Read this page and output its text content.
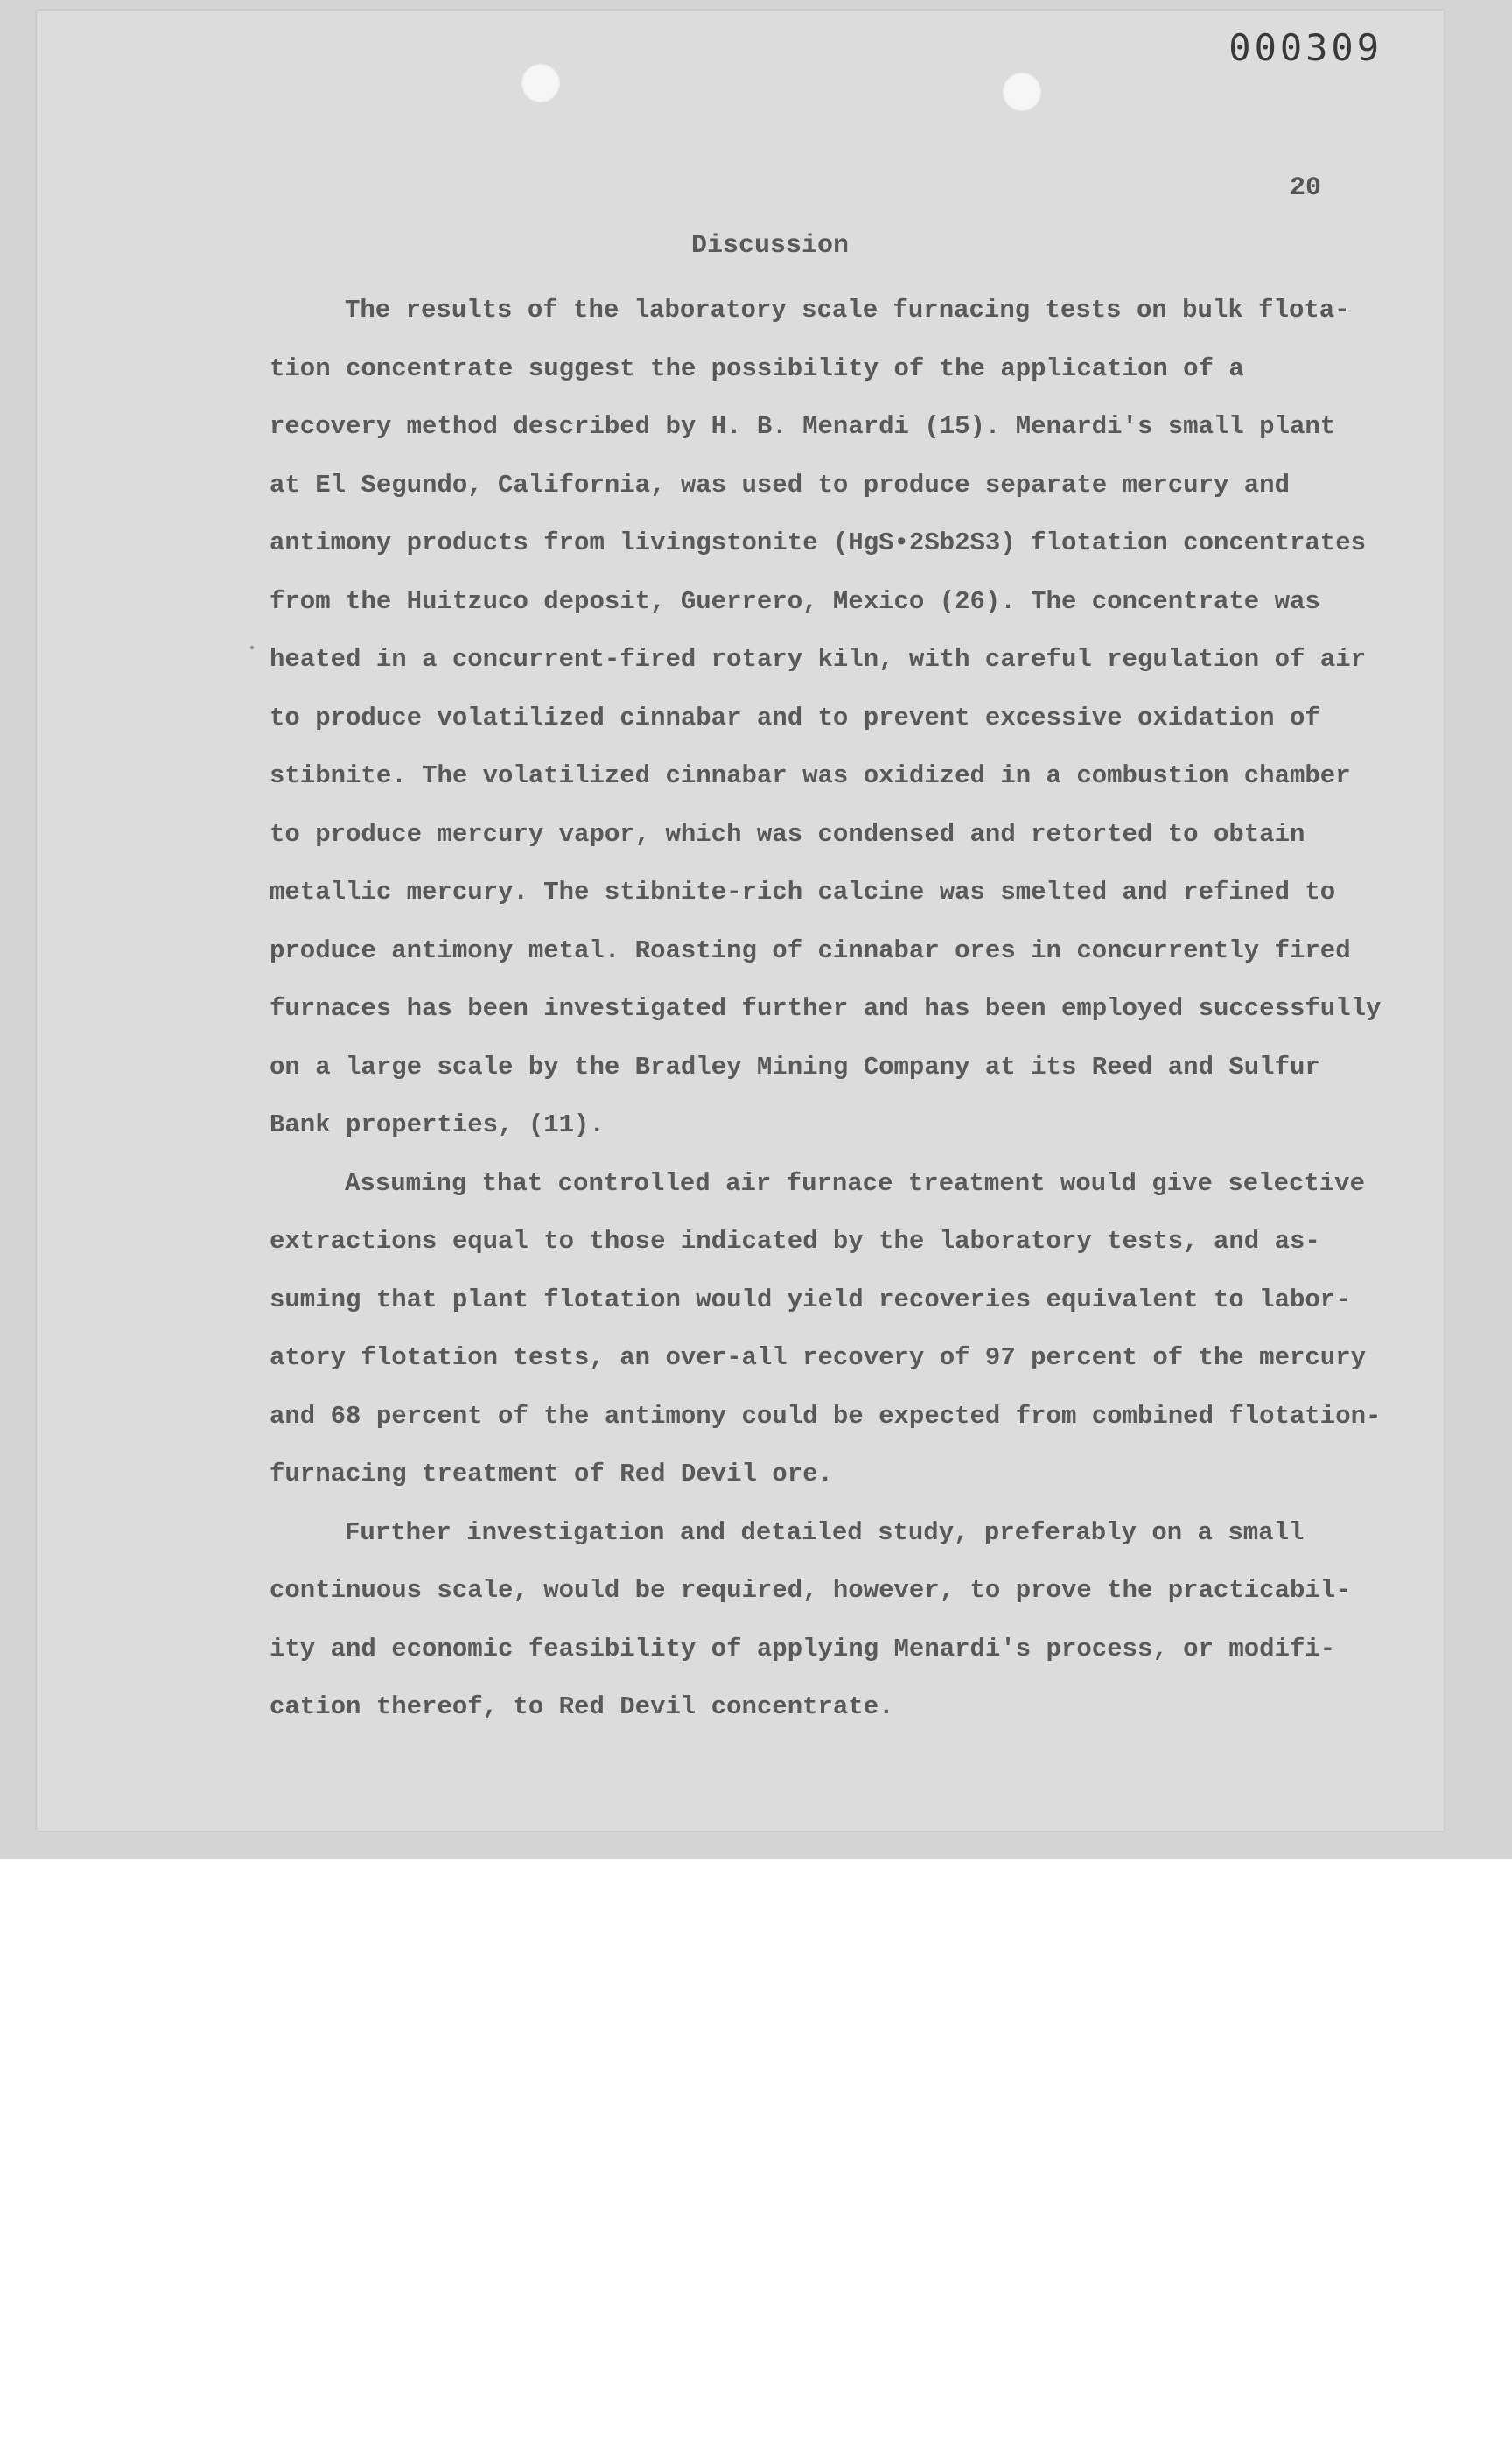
000309
20
Discussion

The results of the laboratory scale furnacing tests on bulk flota-
tion concentrate suggest the possibility of the application of a
recovery method described by H. B. Menardi (15). Menardi's small plant
at El Segundo, California, was used to produce separate mercury and
antimony products from livingstonite (HgS•2Sb2S3) flotation concentrates
from the Huitzuco deposit, Guerrero, Mexico (26). The concentrate was
heated in a concurrent-fired rotary kiln, with careful regulation of air
to produce volatilized cinnabar and to prevent excessive oxidation of
stibnite. The volatilized cinnabar was oxidized in a combustion chamber
to produce mercury vapor, which was condensed and retorted to obtain
metallic mercury. The stibnite-rich calcine was smelted and refined to
produce antimony metal. Roasting of cinnabar ores in concurrently fired
furnaces has been investigated further and has been employed successfully
on a large scale by the Bradley Mining Company at its Reed and Sulfur
Bank properties, (11).

Assuming that controlled air furnace treatment would give selective
extractions equal to those indicated by the laboratory tests, and as-
suming that plant flotation would yield recoveries equivalent to labor-
atory flotation tests, an over-all recovery of 97 percent of the mercury
and 68 percent of the antimony could be expected from combined flotation-
furnacing treatment of Red Devil ore.

Further investigation and detailed study, preferably on a small
continuous scale, would be required, however, to prove the practicabil-
ity and economic feasibility of applying Menardi's process, or modifi-
cation thereof, to Red Devil concentrate.
